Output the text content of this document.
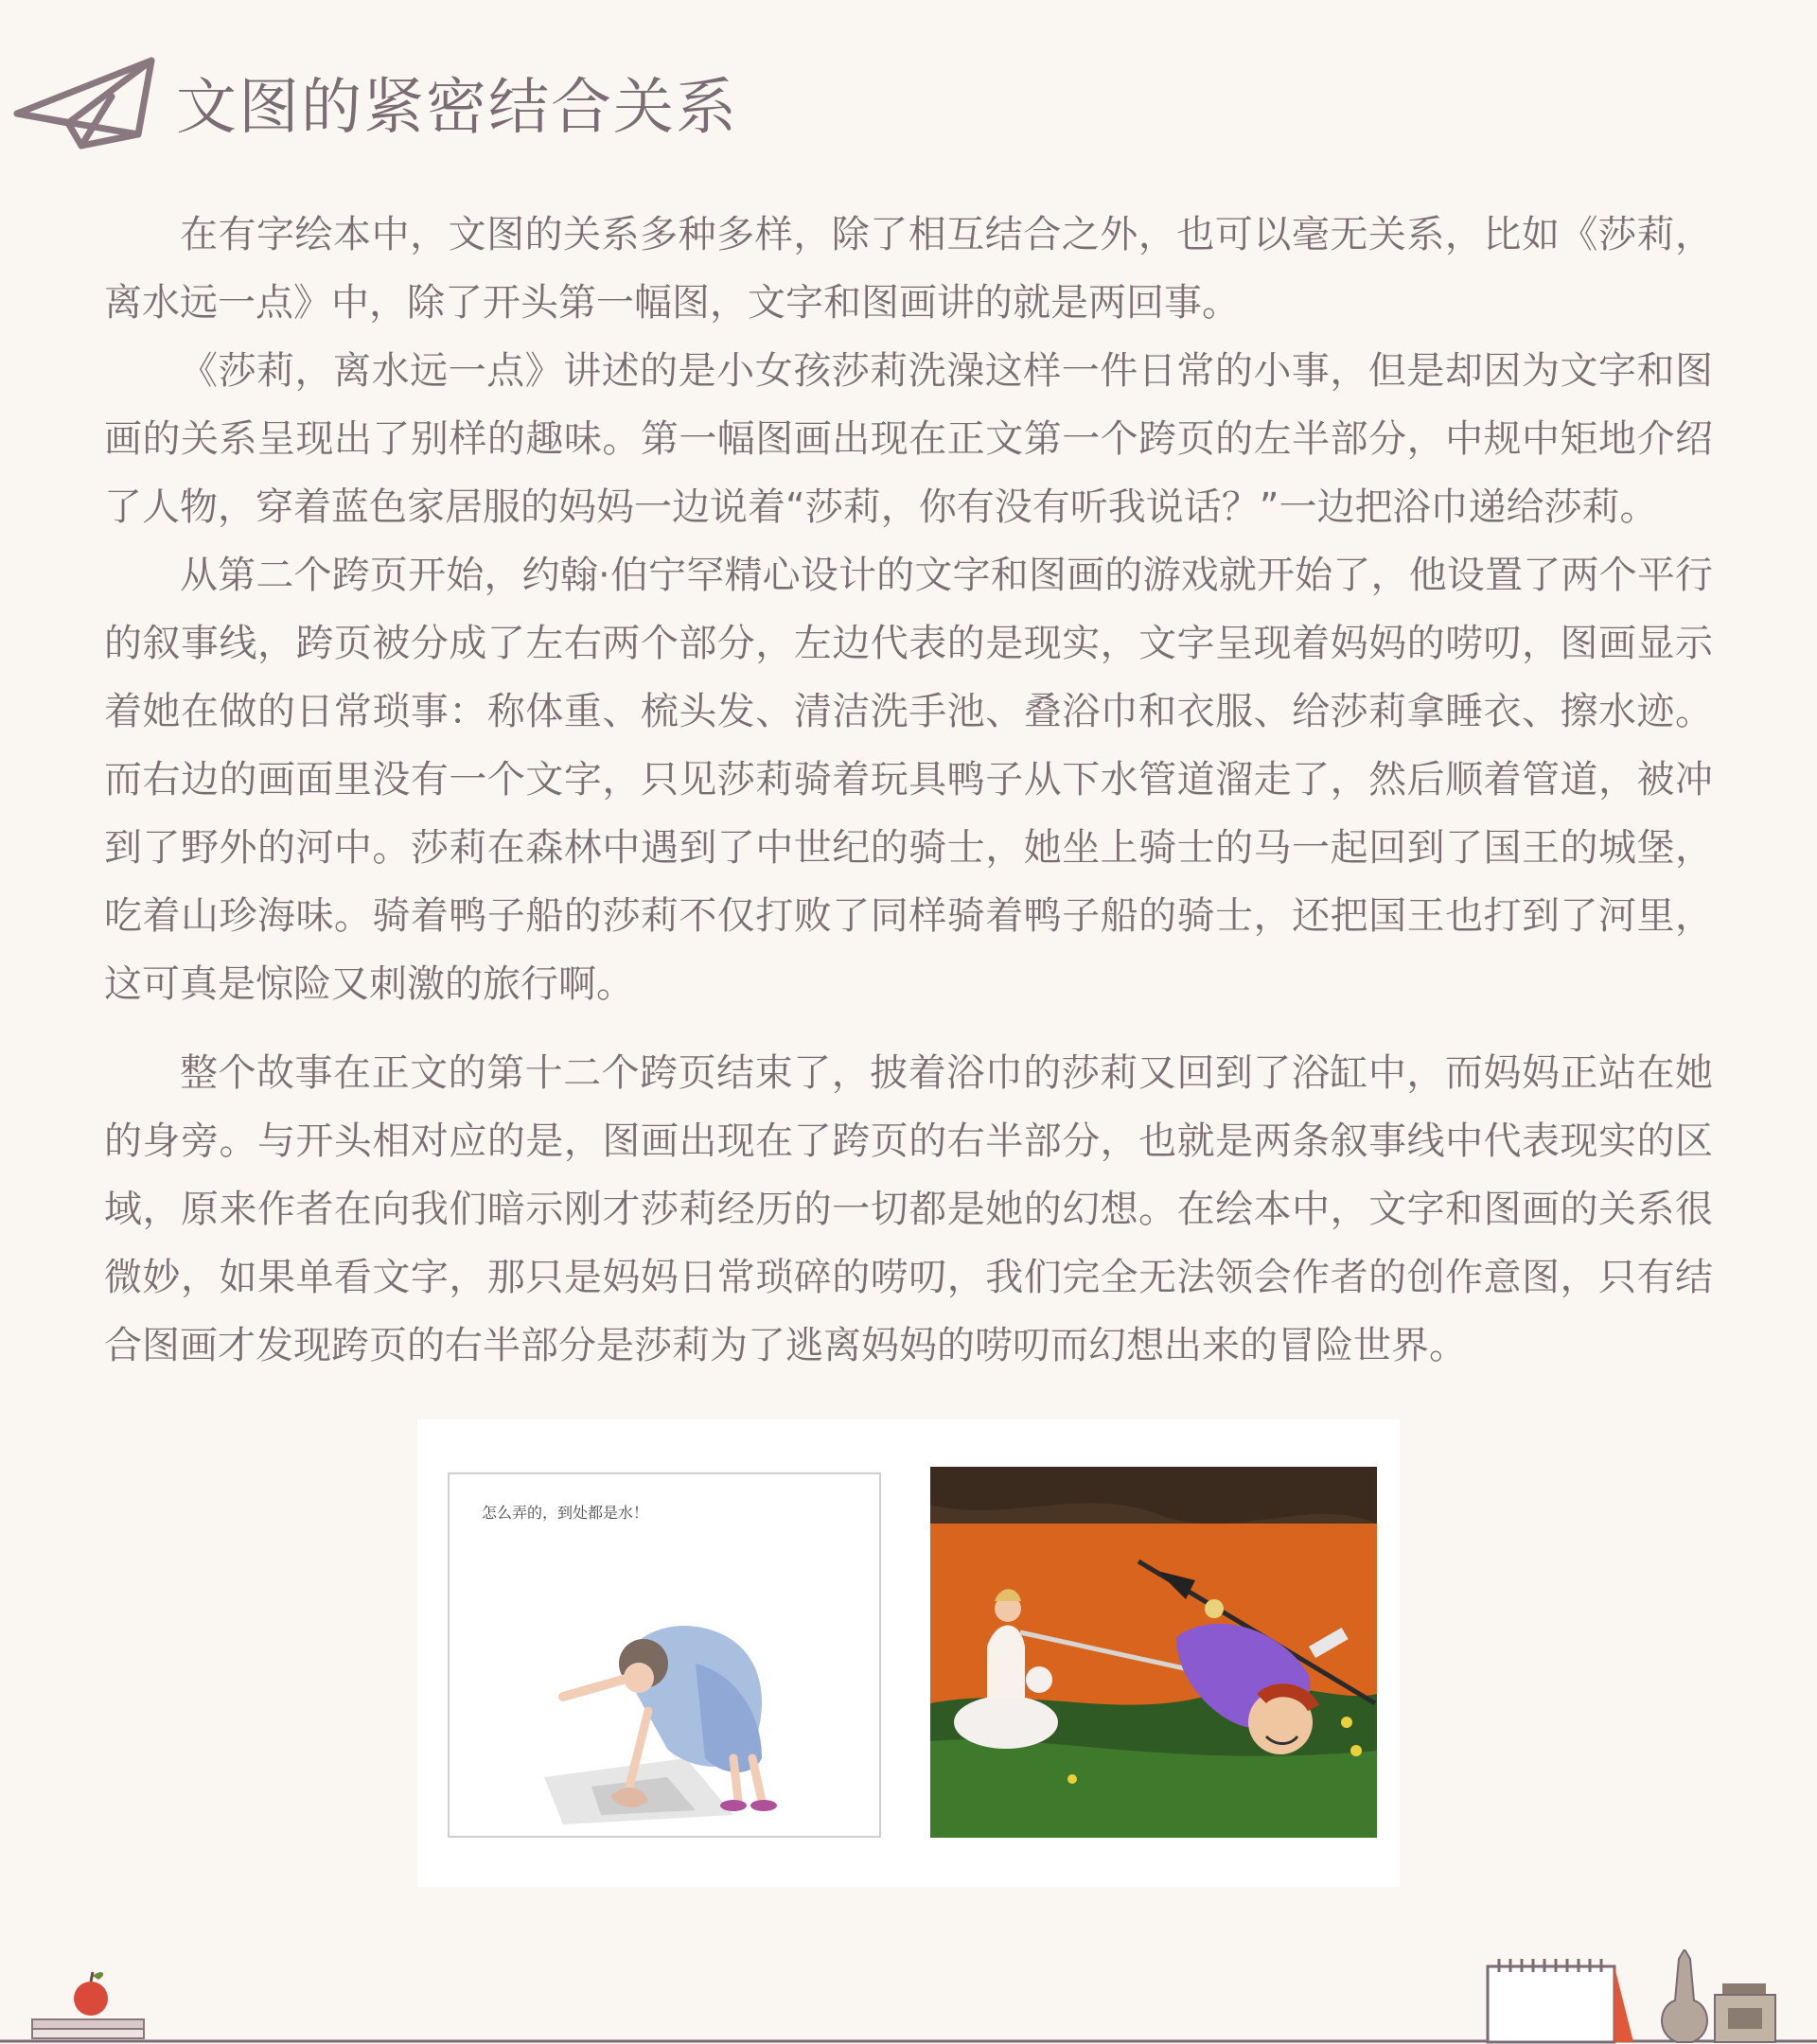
文图的紧密结合关系

在有字绘本中，文图的关系多种多样，除了相互结合之外，也可以毫无关系，比如《莎莉，离水远一点》中，除了开头第一幅图，文字和图画讲的就是两回事。

《莎莉，离水远一点》讲述的是小女孩莎莉洗澡这样一件日常的小事，但是却因为文字和图画的关系呈现出了别样的趣味。第一幅图画出现在正文第一个跨页的左半部分，中规中矩地介绍了人物，穿着蓝色家居服的妈妈一边说着“莎莉，你有没有听我说话？”一边把浴巾递给莎莉。

从第二个跨页开始，约翰·伯宁罕精心设计的文字和图画的游戏就开始了，他设置了两个平行的叙事线，跨页被分成了左右两个部分，左边代表的是现实，文字呈现着妈妈的唠叨，图画显示着她在做的日常琐事：称体重、梳头发、清洁洗手池、叠浴巾和衣服、给莎莉拿睡衣、擦水迹。而右边的画面里没有一个文字，只见莎莉骑着玩具鸭子从下水管道溜走了，然后顺着管道，被冲到了野外的河中。莎莉在森林中遇到了中世纪的骑士，她坐上骑士的马一起回到了国王的城堡，吃着山珍海味。骑着鸭子船的莎莉不仅打败了同样骑着鸭子船的骑士，还把国王也打到了河里，这可真是惊险又刺激的旅行啊。

整个故事在正文的第十二个跨页结束了，披着浴巾的莎莉又回到了浴缸中，而妈妈正站在她的身旁。与开头相对应的是，图画出现在了跨页的右半部分，也就是两条叙事线中代表现实的区域，原来作者在向我们暗示刚才莎莉经历的一切都是她的幻想。在绘本中，文字和图画的关系很微妙，如果单看文字，那只是妈妈日常琐碎的唠叨，我们完全无法领会作者的创作意图，只有结合图画才发现跨页的右半部分是莎莉为了逃离妈妈的唠叨而幻想出来的冒险世界。

怎么弄的，到处都是水！
